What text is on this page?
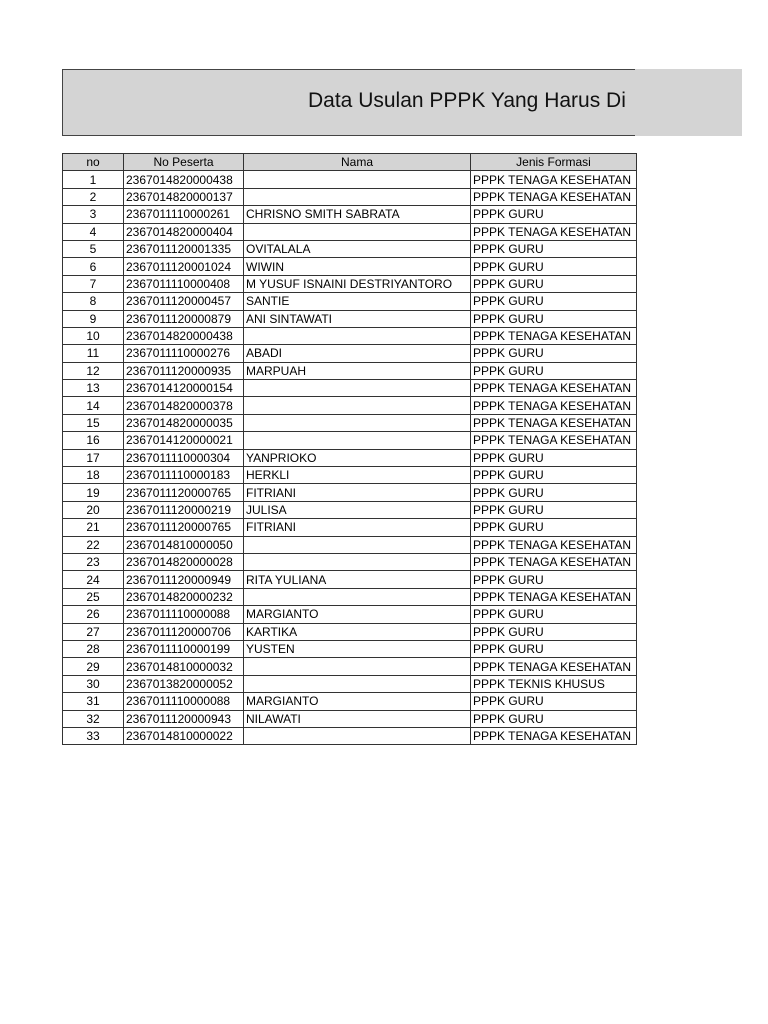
Data Usulan PPPK Yang Harus Di
no	No Peserta	Nama	Jenis Formasi
1	2367014820000438		PPPK TENAGA KESEHATAN
2	2367014820000137		PPPK TENAGA KESEHATAN
3	2367011110000261	CHRISNO SMITH SABRATA	PPPK GURU
4	2367014820000404		PPPK TENAGA KESEHATAN
5	2367011120001335	OVITALALA	PPPK GURU
6	2367011120001024	WIWIN	PPPK GURU
7	2367011110000408	M YUSUF ISNAINI DESTRIYANTORO	PPPK GURU
8	2367011120000457	SANTIE	PPPK GURU
9	2367011120000879	ANI SINTAWATI	PPPK GURU
10	2367014820000438		PPPK TENAGA KESEHATAN
11	2367011110000276	ABADI	PPPK GURU
12	2367011120000935	MARPUAH	PPPK GURU
13	2367014120000154		PPPK TENAGA KESEHATAN
14	2367014820000378		PPPK TENAGA KESEHATAN
15	2367014820000035		PPPK TENAGA KESEHATAN
16	2367014120000021		PPPK TENAGA KESEHATAN
17	2367011110000304	YANPRIOKO	PPPK GURU
18	2367011110000183	HERKLI	PPPK GURU
19	2367011120000765	FITRIANI	PPPK GURU
20	2367011120000219	JULISA	PPPK GURU
21	2367011120000765	FITRIANI	PPPK GURU
22	2367014810000050		PPPK TENAGA KESEHATAN
23	2367014820000028		PPPK TENAGA KESEHATAN
24	2367011120000949	RITA YULIANA	PPPK GURU
25	2367014820000232		PPPK TENAGA KESEHATAN
26	2367011110000088	MARGIANTO	PPPK GURU
27	2367011120000706	KARTIKA	PPPK GURU
28	2367011110000199	YUSTEN	PPPK GURU
29	2367014810000032		PPPK TENAGA KESEHATAN
30	2367013820000052		PPPK TEKNIS KHUSUS
31	2367011110000088	MARGIANTO	PPPK GURU
32	2367011120000943	NILAWATI	PPPK GURU
33	2367014810000022		PPPK TENAGA KESEHATAN
